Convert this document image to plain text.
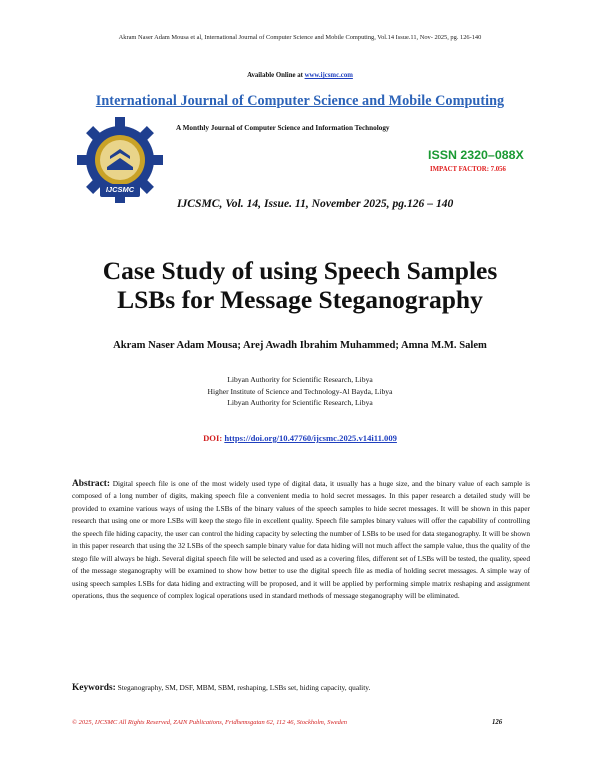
Akram Naser Adam Mousa et al, International Journal of Computer Science and Mobile Computing, Vol.14 Issue.11, Nov- 2025, pg. 126-140
Available Online at www.ijcsmc.com
International Journal of Computer Science and Mobile Computing
A Monthly Journal of Computer Science and Information Technology
IJCSMC
ISSN 2320–088X
IMPACT FACTOR: 7.056
IJCSMC, Vol. 14, Issue. 11, November 2025, pg.126 – 140
Case Study of using Speech Samples
LSBs for Message Steganography
Akram Naser Adam Mousa; Arej Awadh Ibrahim Muhammed; Amna M.M. Salem
Libyan Authority for Scientific Research, Libya
Higher Institute of Science and Technology-Al Bayda, Libya
Libyan Authority for Scientific Research, Libya
DOI: https://doi.org/10.47760/ijcsmc.2025.v14i11.009
Abstract: Digital speech file is one of the most widely used type of digital data, it usually has a huge size, and the binary value of each sample is composed of a long number of digits, making speech file a convenient media to hold secret messages. In this paper research a detailed study will be provided to examine various ways of using the LSBs of the binary values of the speech samples to hide secret messages. It will be shown in this paper research that using one or more LSBs will keep the stego file in excellent quality. Speech file samples binary values will offer the capability of controlling the speech file hiding capacity, the user can control the hiding capacity by selecting the number of LSBs to be used for data steganography. It will be shown in this paper research that using the 32 LSBs of the speech sample binary value for data hiding will not much affect the sample value, thus the quality of the stego file will always be high. Several digital speech file will be selected and used as a covering files, different set of LSBs will be tested, the quality, speed of the message steganography will be examined to show how better to use the digital speech file as media of holding secret messages. A simple way of using speech samples LSBs for data hiding and extracting will be proposed, and it will be applied by performing simple matrix reshaping and assignment operations, thus the sequence of complex logical operations used in standard methods of message steganography will be eliminated.
Keywords: Steganography, SM, DSF, MBM, SBM, reshaping, LSBs set, hiding capacity, quality.
© 2025, IJCSMC All Rights Reserved, ZAIN Publications, Fridhemsgatan 62, 112 46, Stockholm, Sweden	126
